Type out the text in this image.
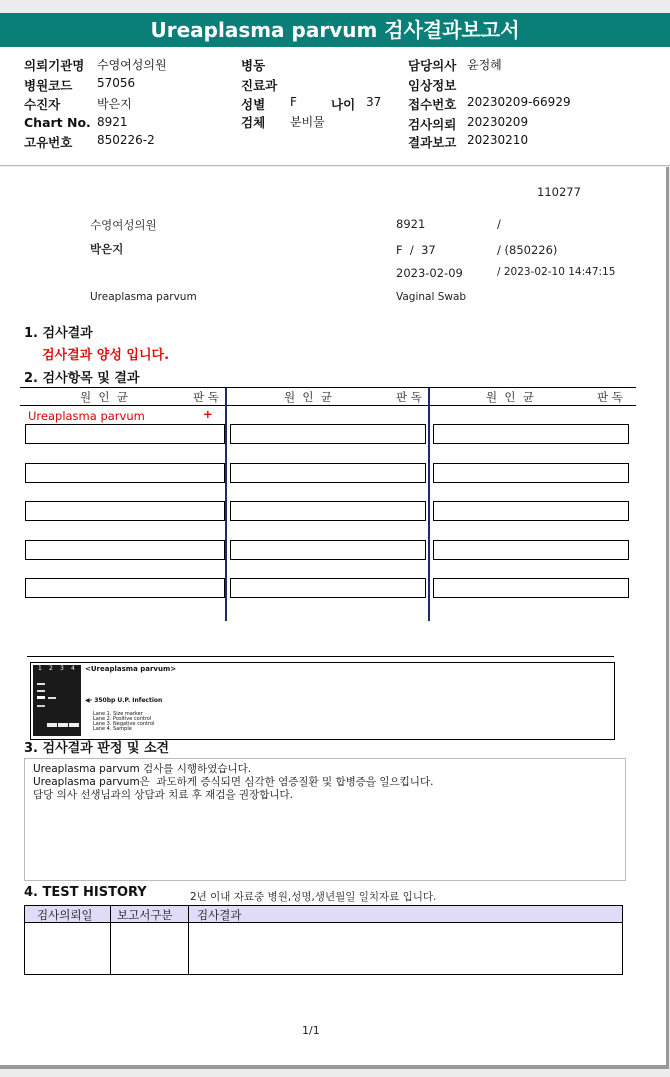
Ureaplasma parvum 검사결과보고서
의뢰기관명 수영여성의원
병원코드 57056
수진자	박은지
Chart No. 8921
고유번호 850226-2
병동
진료과
성별 F	나이 37
검체 분비물
담당의사 윤정혜
임상정보
접수번호 20230209-66929
검사의뢰 20230209
결과보고 20230210
110277
수영여성의원	8921	/
박은지	F  /  37	/ (850226)
2023-02-09	/ 2023-02-10 14:47:15
Ureaplasma parvum	Vaginal Swab
1. 검사결과
검사결과 양성 입니다.
2. 검사항목 및 결과
원  인  균	판 독	원  인  균	판 독	원  인  균	판 독
Ureaplasma parvum	+
1 2 3 4 <Ureaplasma parvum>
◀- 350bp U.P. Infection
Lane 1. Size marker
Lane 2. Positive control
Lane 3. Negative control
Lane 4. Sample
3. 검사결과 판정 및 소견
Ureaplasma parvum 검사를 시행하였습니다.
Ureaplasma parvum은  과도하게 증식되면 심각한 염증질환 및 합병증을 일으킵니다.
담당 의사 선생님과의 상담과 치료 후 재검을 권장합니다.
4. TEST HISTORY	2년 이내 자료중 병원,성명,생년월일 일치자료 입니다.
검사의뢰일 보고서구분 검사결과
1/1
